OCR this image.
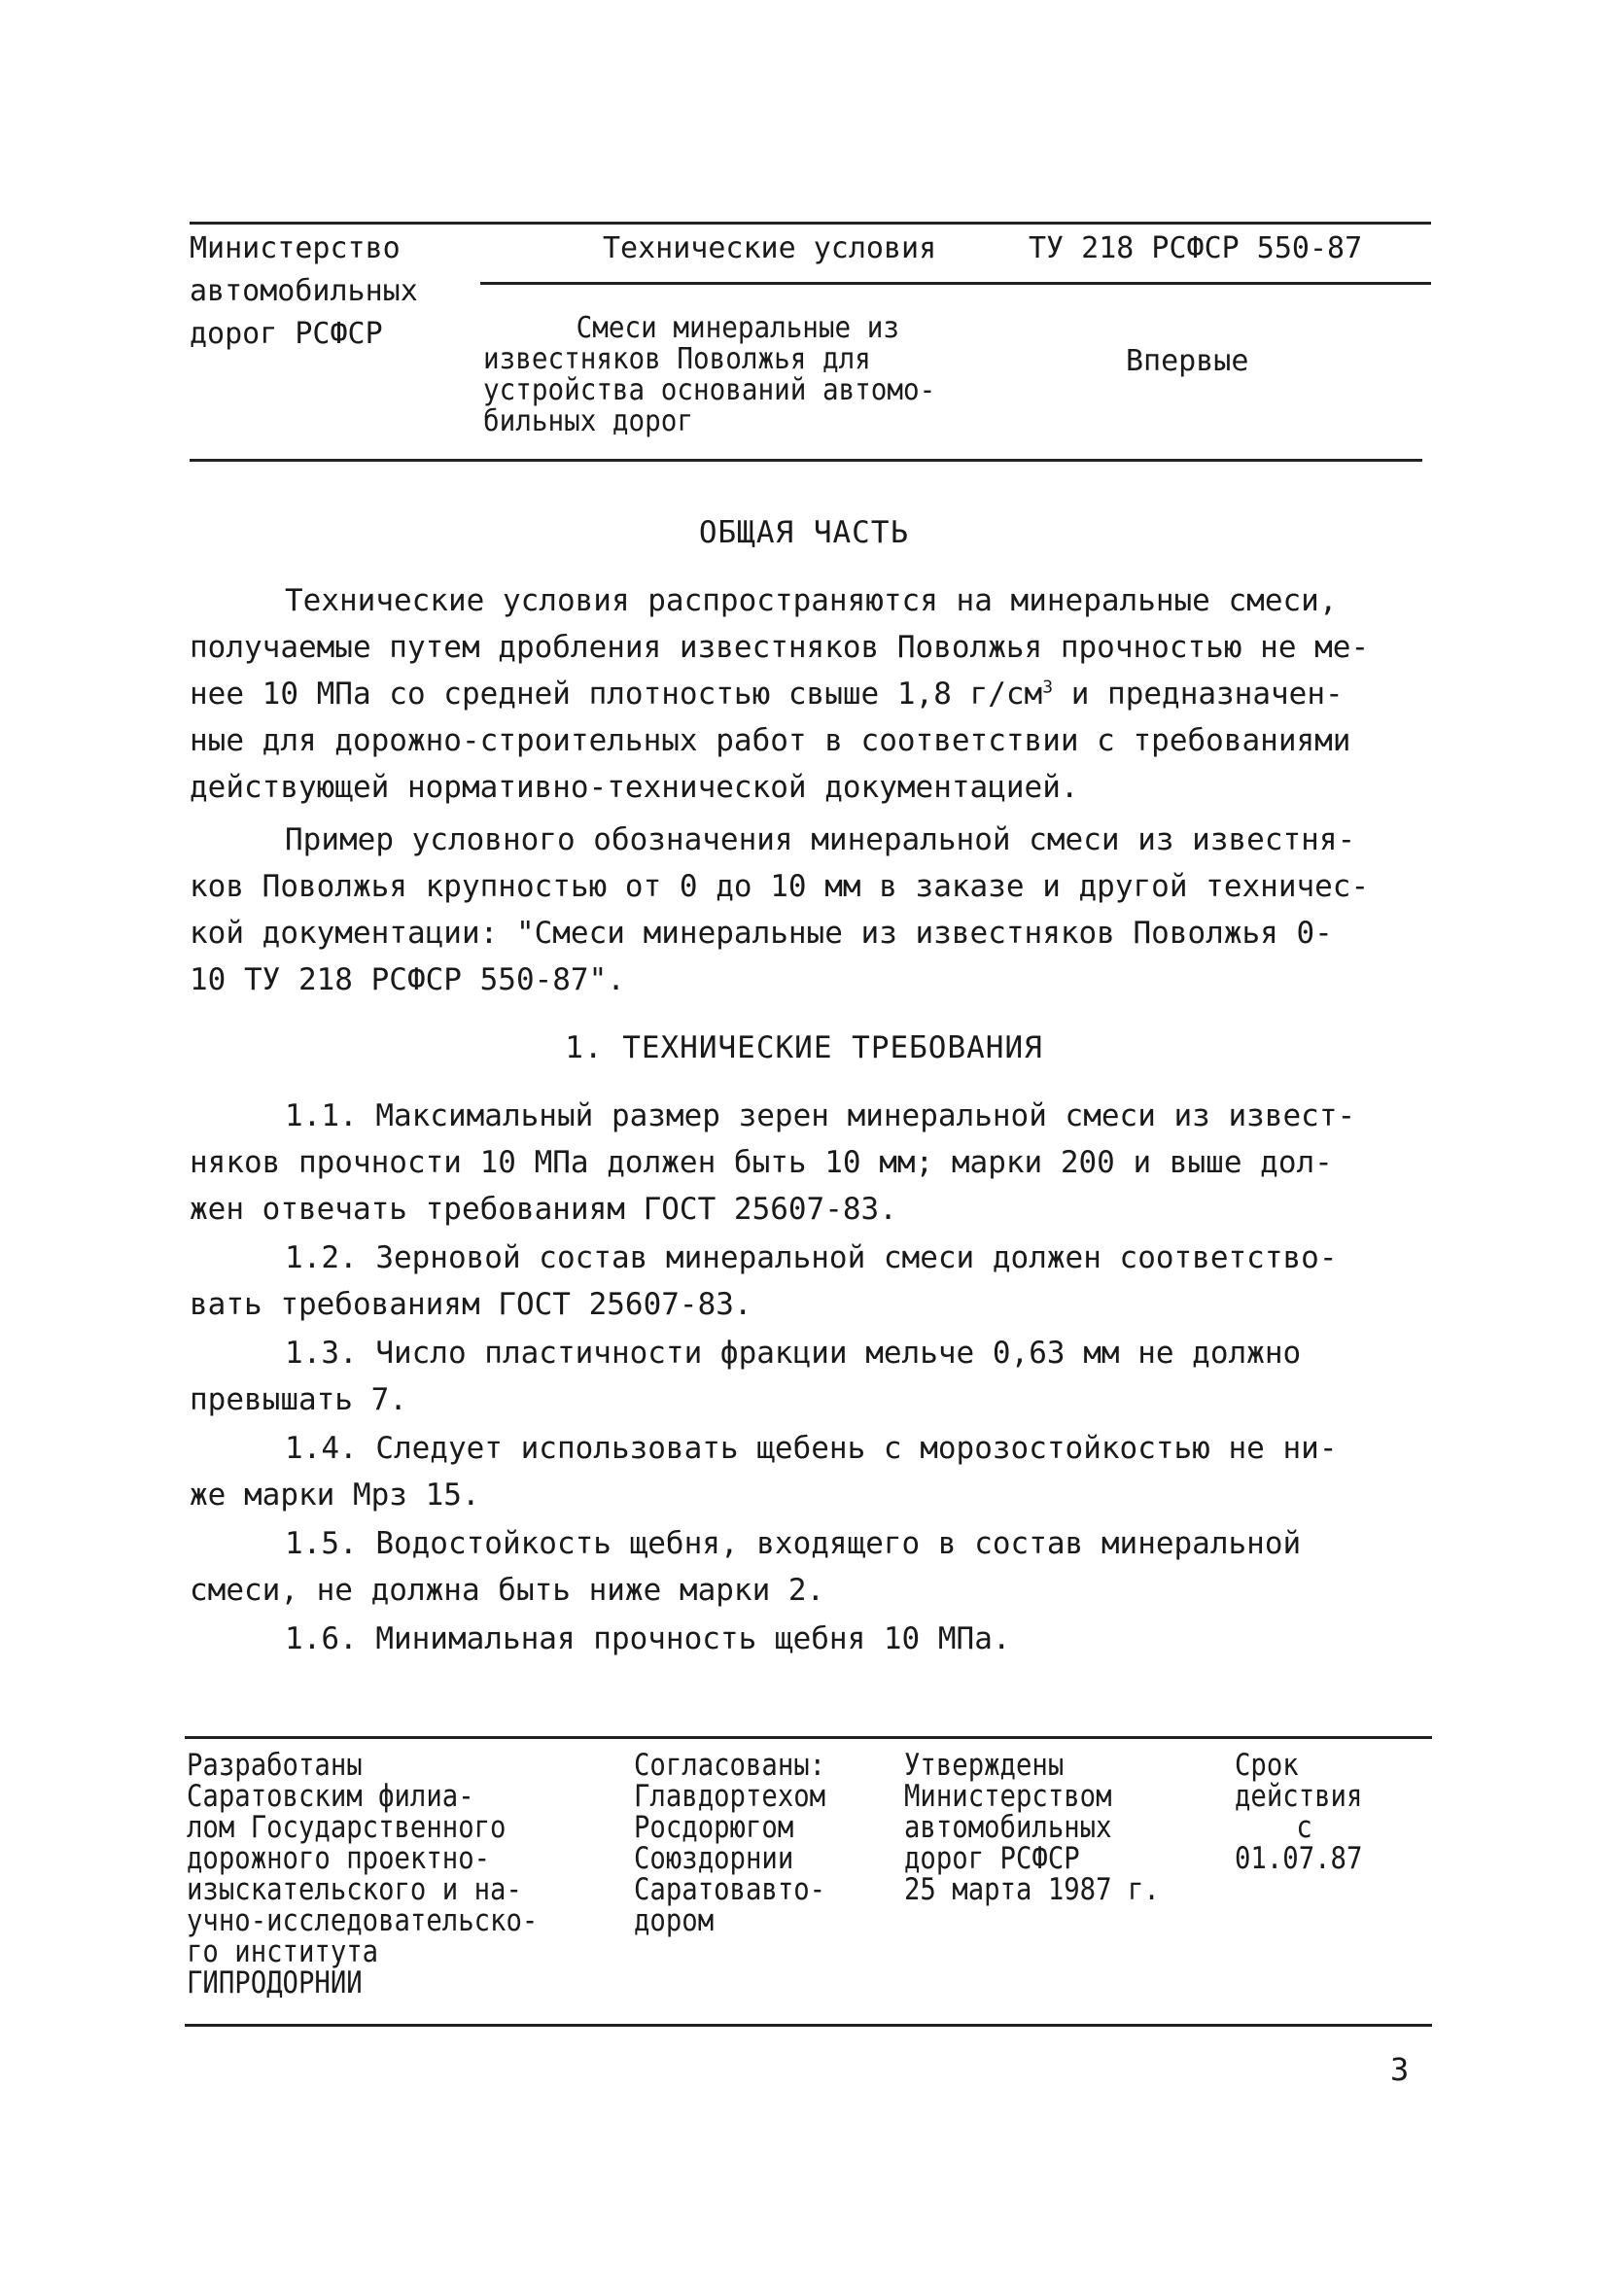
Министерство
автомобильных
дорог РСФСР
Технические условия	ТУ 218 РСФСР 550-87
Смеси минеральные из
известняков Поволжья для
устройства оснований автомо-
бильных дорог
Впервые
ОБЩАЯ ЧАСТЬ
Технические условия распространяются на минеральные смеси,
получаемые путем дробления известняков Поволжья прочностью не ме-
нее 10 МПа со средней плотностью свыше 1,8 $г/см^3$ и предназначен-
ные для дорожно-строительных работ в соответствии с требованиями
действующей нормативно-технической документацией.
Пример условного обозначения минеральной смеси из известня-
ков Поволжья крупностью от 0 до 10 мм в заказе и другой техничес-
кой документации: "Смеси минеральные из известняков Поволжья 0-
10 ТУ 218 РСФСР 550-87".
1. ТЕХНИЧЕСКИЕ ТРЕБОВАНИЯ
1.1. Максимальный размер зерен минеральной смеси из извест-
няков прочности 10 МПа должен быть 10 мм; марки 200 и выше дол-
жен отвечать требованиям ГОСТ 25607-83.
1.2. Зерновой состав минеральной смеси должен соответство-
вать требованиям ГОСТ 25607-83.
1.3. Число пластичности фракции мельче 0,63 мм не должно
превышать 7.
1.4. Следует использовать щебень с морозостойкостью не ни-
же марки Мрз 15.
1.5. Водостойкость щебня, входящего в состав минеральной
смеси, не должна быть ниже марки 2.
1.6. Минимальная прочность щебня 10 МПа.
Разработаны
Саратовским филиа-
лом Государственного
дорожного проектно-
изыскательского и на-
учно-исследовательско-
го института
ГИПРОДОРНИИ
Согласованы:
Главдортехом
Росдорюгом
Союздорнии
Саратовавто-
дором
Утверждены
Министерством
автомобильных
дорог РСФСР
25 марта 1987 г.
Срок
действия
с
01.07.87
3
